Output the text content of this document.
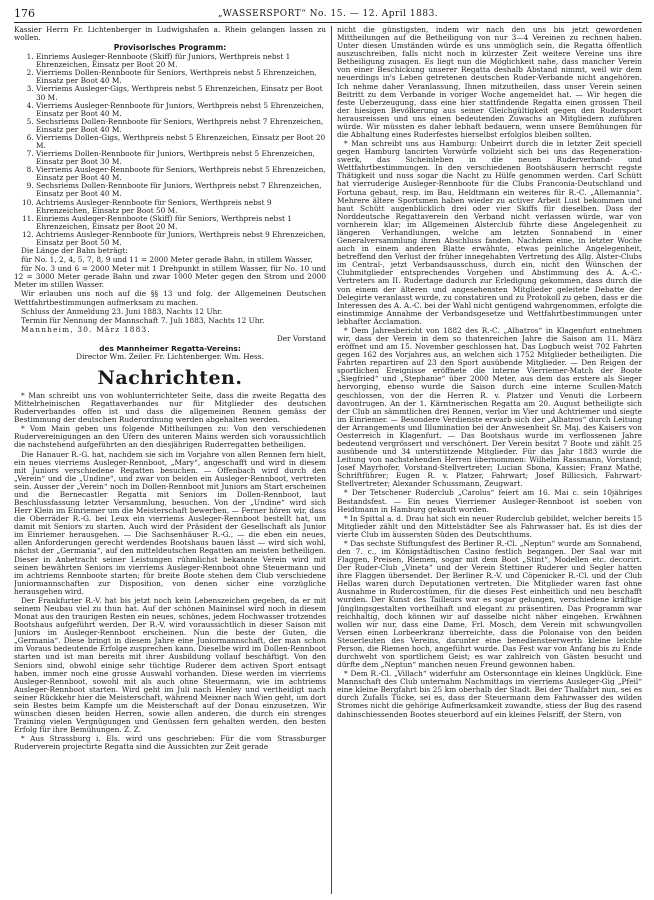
176	„WASSERSPORT“ No. 15. — 12. April 1883.

Kassier Herrn Fr. Lichtenberger in Ludwigshafen a. Rhein gelangen lassen zu wollen.

Provisorisches Programm:
1. Einriems Ausleger-Rennboote (Skiff) für Juniors, Werthpreis nebst 1 Ehrenzeichen, Einsatz per Boot 20 M.
2. Vierriems Dollen-Rennboote für Seniors, Werthpreis nebst 5 Ehrenzeichen, Einsatz per Boot 40 M.
3. Vierriems Ausleger-Gigs, Werthpreis nebst 5 Ehrenzeichen, Einsatz per Boot 30 M.
4. Vierriems Ausleger-Rennboote für Juniors, Werthpreis nebst 5 Ehrenzeichen, Einsatz per Boot 40 M.
5. Sechsriems Dollen-Rennboote für Seniors, Werthpreis nebst 7 Ehrenzeichen, Einsatz per Boot 40 M.
6. Vierriems Dollen-Gigs, Werthpreis nebst 5 Ehrenzeichen, Einsatz per Boot 20 M.
7. Vierriems Dollen-Rennboote für Juniors, Werthpreis nebst 5 Ehrenzeichen, Einsatz per Boot 30 M.
8. Vierriems Ausleger-Rennboote für Seniors, Werthpreis nebst 5 Ehrenzeichen, Einsatz per Boot 40 M.
9. Sechsriems Dollen-Rennboote für Juniors, Werthpreis nebst 7 Ehrenzeichen, Einsatz per Boot 40 M.
10. Achtriems Ausleger-Rennboote für Seniors, Werthpreis nebst 9 Ehrenzeichen, Einsatz per Boot 50 M.
11. Einriems Ausleger-Rennboote (Skiff) für Seniors, Werthpreis nebst 1 Ehrenzeichen, Einsatz per Boot 20 M.
12. Achtriems Ausleger-Rennboote für Juniors, Werthpreis nebst 9 Ehrenzeichen, Einsatz per Boot 50 M.

Die Länge der Bahn beträgt:

für No. 1, 2, 4, 5, 7, 8, 9 und 11 = 2000 Meter gerade Bahn, in stillem Wasser,

für No. 3 und 6 = 2000 Meter mit 1 Drehpunkt in stillem Wasser, für No. 10 und 12 = 3000 Meter gerade Bahn und zwar 1000 Meter gegen den Strom und 2000 Meter im stillen Wasser.

Wir erlauben uns noch auf die §§ 13 und folg. der Allgemeinen Deutschen Wettfahrtbestimmungen aufmerksam zu machen.

Schluss der Anmeldung 23. Juni 1883, Nachts 12 Uhr.

Termin für Nennung der Mannschaft 7. Juli 1883, Nachts 12 Uhr.

Mannheim, 30. März 1883.

Der Vorstand

des Mannheimer Regatta-Vereins:

Director Wm. Zeiler. Fr. Lichtenberger. Wm. Hess.

Nachrichten.

* Man schreibt uns von wohlunterrichteter Seite, dass die zweite Regatta des Mittelrheinischen Regattaverbandes nur für Mitglieder des deutschen Ruderverbandes offen ist und dass die allgemeinen Rennen gemäss der Bestimmung der deutschen Ruderordnung werden abgehalten werden.

* Vom Main geben uns folgende Mittheilungen zu: Von den verschiedenen Rudervereinigungen an den Ufern des unteren Mains werden sich voraussichtlich die nachstehend aufgeführten an den diesjährigen Ruderregatten betheiligen.

Die Hanauer R.-G. hat, nachdem sie sich im Vorjahre von allen Rennen fern hielt, ein neues vierriems Ausleger-Rennboot, „Mary“, angeschafft und wird in diesem mit Juniors verschiedene Regatten besuchen. — Offenbach wird durch den „Verein“ und die „Undine“, und zwar von beiden ein Ausleger-Rennboot, vertreten sein. Ausser der „Verein“ noch im Dollen-Rennboot mit Juniors am Start erscheinen und die Bernecastler Regatta mit Seniors im Dollen-Rennboot, laut Beschlussfassung letzter Versammlung, besuchen. Von der „Undine“ wird sich Herr Klein im Einriemer um die Meisterschaft bewerben. — Ferner hören wir, dass die Oberräder R.-G. bei Leux ein vierriems Ausleger-Rennboot bestellt hat, um damit mit Seniors zu starten. Auch wird der Präsident der Gesellschaft als Junior im Einriemer herausgehen. — Die Sachsenhäuser R.-G., — die eben ein neues, allen Anforderungen gerecht werdendes Bootshaus bauen lässt — wird sich wohl, nächst der „Germania“, auf den mitteldeutschen Regatten am meisten betheiligen. Dieser in Anbetracht seiner Leistungen rühmlichst bekannte Verein wird mit seinen bewährten Seniors im vierriems Ausleger-Rennboot ohne Steuermann und im achtriems Rennboote starten; für breite Boote stehen dem Club verschiedene Juniormannschaften zur Disposition, von denen sicher eine vorzügliche herausgehen wird.

Der Frankfurter R.-V. hat bis jetzt noch kein Lebenszeichen gegeben, da er mit seinem Neubau viel zu thun hat. Auf der schönen Maininsel wird noch in diesem Monat aus den traurigen Resten ein neues, schönes, jedem Hochwasser trotzendes Bootshaus aufgeführt werden. Der R.-V. wird voraussichtlich in dieser Saison mit Juniors im Ausleger-Rennboot erscheinen. Nun die beste der Guten, die „Germania“. Diese bringt in diesem Jahre eine Juniormannschaft, der man schon im Voraus bedeutende Erfolge zusprechen kann. Dieselbe wird im Dollen-Rennboot starten und ist man bereits mit ihrer Ausbildung vollauf beschäftigt. Von den Seniors sind, obwohl einige sehr tüchtige Ruderer dem activen Sport entsagt haben, immer noch eine grosse Auswahl vorhanden. Diese werden im vierriems Ausleger-Rennboot, sowohl mit als auch ohne Steuermann, wie im achtriems Ausleger-Rennboot starten. Wird geht im Juli nach Henley und vertheidigt nach seiner Rückkehr hier die Meisterschaft, während Meixner nach Wien geht, um dort sein Bestes beim Kampfe um die Meisterschaft auf der Donau einzusetzen. Wir wünschen diesen beiden Herren, sowie allen anderen, die durch ein strenges Training vielen Vergnügungen und Genüssen fern gehalten werden, den besten Erfolg für ihre Bemühungen. Z. Z.

* Aus Strassburg i. Els. wird uns geschrieben: Für die vom Strassburger Ruderverein projectirte Regatta sind die Aussichten zur Zeit gerade

nicht die günstigsten, indem wir nach den uns bis jetzt gewordenen Mittheilungen auf die Betheiligung von nur 3—4 Vereinen zu rechnen haben. Unter diesen Umständen würde es uns unmöglich sein, die Regatta öffentlich auszuschreiben, falls nicht noch in kürzester Zeit weitere Vereine uns ihre Betheiligung zusagen. Es liegt nun die Möglichkeit nahe, dass mancher Verein von einer Beschickung unserer Regatta deshalb Abstand nimmt, weil wir dem neuerdings in's Leben getretenen deutschen Ruder-Verbande nicht angehören. Ich nehme daher Veranlassung, Ihnen mitzutheilen, dass unser Verein seinen Beitritt zu dem Verbande in voriger Woche angemeldet hat. — Wir hegen die feste Ueberzeugung, dass eine hier stattfindende Regatta einen grossen Theil der hiesigen Bevölkerung aus seiner Gleichgültigkeit gegen den Rudersport herausreissen und uns einen bedeutenden Zuwachs an Mitgliedern zuführen würde. Wir müssten es daher lebhaft bedauern, wenn unsere Bemühungen für die Abhaltung eines Ruderfestes hierselbst erfolglos bleiben sollten.

* Man schreibt uns aus Hamburg: Unbeirrt durch die in letzter Zeit speciell gegen Hamburg lancirten Vorwürfe vollzieht sich bei uns das Regenerationswerk, das Sicheinleben in die neuen Ruderverband- und Wettfahrtbestimmungen. In den verschiedenen Bootshäusern herrscht regste Thätigkeit und nuss sogar die Nacht zu Hülfe genommen werden. Carl Schütt hat vierruderige Ausleger-Rennboote für die Clubs Franconia-Deutschland und Fortuna gebaut, resp. im Bau, Heldtmann ein weiteres für R.-C. „Allemannia“. Mehrere ältere Sportsmen haben wieder zu activer Arbeit Lust bekommen und baut Schütt augenblicklich drei oder vier Skiffs für dieselben. Dass der Norddeutsche Regattaverein den Verband nicht verlassen würde, war von vornherein klar; im Allgemeinen Alsterclub führte diese Angelegenheit zu längeren Verhandlungen, welche am letzten Sonnabend in einer Generalversammlung ihren Abschluss fanden. Nachdem eine, in letzter Woche auch in einem anderen Blatte erwähnte, etwas peinliche Angelegenheit, betreffend den Verlust der früher innegehabten Vertretung des Allg. Alster-Clubs im Central-, jetzt Verbandsausschuss, durch ein, nicht den Wünschen der Clubmitglieder entsprechendes Vorgehen und Abstimmung des A. A.-C.-Vertreters am II. Rudertage dadurch zur Erledigung gekommen, dass durch die von einem der älteren und angesehensten Mitglieder geleitete Debatte der Delegirte veranlasst wurde, zu constatiren und zu Protokoll zu geben, dass er die Interessen des A. A.-C. bei der Wahl nicht genügend wahrgenommen, erfolgte die einstimmige Annahme der Verbandsgesetze und Wettfahrtbestimmungen unter lebhafter Acclamation.

* Dem Jahresbericht von 1882 des R.-C. „Albatros“ in Klagenfurt entnehmen wir, dass der Verein in dem so thatenreichen Jahre die Saison am 11. März eröffnet und am 15. November geschlossen hat. Das Logbuch weist 702 Fahrten gegen 162 des Vorjahres aus, an welchen sich 1752 Mitglieder betheiligten. Die Fahrten repartiren auf 23 den Sport ausübende Mitglieder. — Den Reigen der sportlichen Ereignisse eröffnete die interne Vierriemer-Match der Boote „Siegfried“ und „Stephanie“ über 2000 Meter, aus dem das erstere als Sieger hervorging, ebenso wurde die Saison durch eine interne Scullen-Match geschlossen, von der die Herren R. v. Platzer und Venuti die Lorbeern davontrugen. An der 1. Kärntnerischen Regatta am 20. August betheiligte sich der Club an sämmtlichen drei Rennen, verlor im Vier und Achtriemer und siegte im Einriemer. — Besondere Verdienste erwarb sich der „Albatros“ durch Leitung der Arrangements und Illumination bei der Anwesenheit Sr. Maj. des Kaisers von Oesterreich in Klagenfurt. — Das Bootshaus wurde im verflossenen Jahre bedeutend vergrössert und verschönert. Der Verein besitzt 7 Boote und zählt 25 ausübende und 34 unterstützende Mitglieder. Für das Jahr 1883 wurde die Leitung von nachstehenden Herren übernommen: Wilhelm Rassmann, Vorstand; Josef Mayrhofer, Vorstand-Stellvertreter; Lucian Sbona, Kassier; Franz Mathé, Schriftführer; Eugen R. v. Platzer, Fahrwart; Josef Billicsich, Fahrwart-Stellvertreter; Alexander Schussmann, Zeugwart.

* Der Tetschener Ruderclub „Carolus“ feiert am 16. Mai c. sein 10jähriges Bestandsfest. — Ein neues Vierriemer Ausleger-Rennboot ist soeben von Heidtmann in Hamburg gekauft worden.

* In Spittal a. d. Drau hat sich ein neuer Ruderclub gebildet, welcher bereits 15 Mitglieder zählt und den Mittelstädter See als Fahrwasser hat. Es ist dies der vierte Club im äussersten Süden des Deutschthums.

* Das sechste Stiftungsfest des Berliner R.-Cl. „Neptun“ wurde am Sonnabend, den 7. c., im Königstädtischen Casino festlich begangen. Der Saal war mit Flaggen, Preisen, Riemen, sogar mit dem Boot „Stint“, Modellen etc. decorirt. Der Ruder-Club „Vineta“ und der Verein Stettiner Ruderer und Segler hatten ihre Flaggen übersendet. Der Berliner R.-V. und Cöpenicker R.-Cl. und der Club Hellas waren durch Deputationen vertreten. Die Mitglieder waren fast ohne Ausnahme in Rudercostümen, für die dieses Fest einheitlich und neu beschafft wurden. Der Kunst des Tailleurs war es sogar gelungen, verschiedene kräftige Jünglingsgestalten vortheilhaft und elegant zu präsentiren. Das Programm war reichhaltig, doch können wir auf dasselbe nicht näher eingehen. Erwähnen wollen wir nur, dass eine Dame, Frl. Mosch, dem Verein mit schwungvollen Versen einen Lorbeerkranz überreichte, dass die Polonaise von den beiden Steuerleuten des Vereins, darunter eine benediensteerwerth kleine leichte Person, die Riemen hoch, angeführt wurde. Das Fest war von Anfang bis zu Ende durchweht von sportlichem Geist; es war zahlreich von Gästen besucht und dürfte dem „Neptun“ manchen neuen Freund gewonnen haben.

* Dem R.-Cl. „Villach“ widerfuhr am Ostersonntage ein kleines Ungklück. Eine Mannschaft des Club unternahm Nachmittags im vierriems Ausleger-Gig „Pfeil“ eine kleine Bergfahrt bis 25 km oberhalb der Stadt. Bei der Thalfahrt nun, sei es durch Zufalls Tücke, sei es, dass der Steuermann dem Fahrwasser des wilden Stromes nicht die gehörige Aufmerksamkeit zuwandte, stiess der Bug des rasend dahinschiessenden Bootes steuerbord auf ein kleines Felsriff, der Stern, von
